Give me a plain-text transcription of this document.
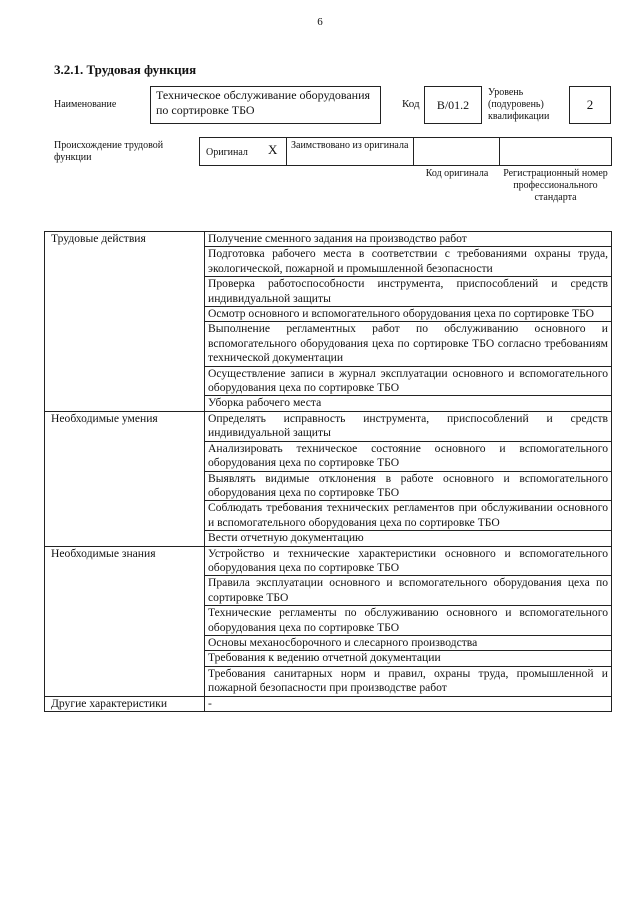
6
3.2.1. Трудовая функция
Наименование
Техническое обслуживание оборудования по сортировке ТБО	Код	B/01.2
Уровень (подуровень) квалификации
2
Происхождение трудовой функции	Оригинал X	Заимствовано из оригинала
Код оригинала	Регистрационный номер профессионального стандарта
Трудовые действия	Получение сменного задания на производство работ
	Подготовка рабочего места в соответствии с требованиями охраны труда, экологической, пожарной и промышленной безопасности
	Проверка работоспособности инструмента, приспособлений и средств индивидуальной защиты
	Осмотр основного и вспомогательного оборудования цеха по сортировке ТБО
	Выполнение регламентных работ по обслуживанию основного и вспомогательного оборудования цеха по сортировке ТБО согласно требованиям технической документации
	Осуществление записи в журнал эксплуатации основного и вспомогательного оборудования цеха по сортировке ТБО
	Уборка рабочего места
Необходимые умения	Определять исправность инструмента, приспособлений и средств индивидуальной защиты
	Анализировать техническое состояние основного и вспомогательного оборудования цеха по сортировке ТБО
	Выявлять видимые отклонения в работе основного и вспомогательного оборудования цеха по сортировке ТБО
	Соблюдать требования технических регламентов при обслуживании основного и вспомогательного оборудования цеха по сортировке ТБО
	Вести отчетную документацию
Необходимые знания	Устройство и технические характеристики основного и вспомогательного оборудования цеха по сортировке ТБО
	Правила эксплуатации основного и вспомогательного оборудования цеха по сортировке ТБО
	Технические регламенты по обслуживанию основного и вспомогательного оборудования цеха по сортировке ТБО
	Основы механосборочного и слесарного производства
	Требования к ведению отчетной документации
	Требования санитарных норм и правил, охраны труда, промышленной и пожарной безопасности при производстве работ
Другие характеристики	-
